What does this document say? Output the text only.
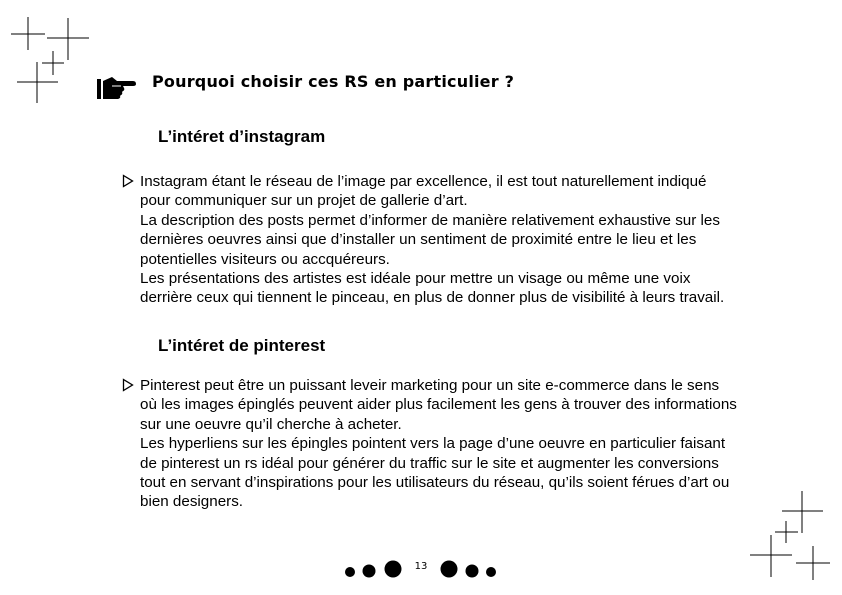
Pourquoi choisir ces RS en particulier ?
L’intéret d’instagram

Instagram étant le réseau de l’image par excellence, il est tout naturellement indiqué
pour communiquer sur un projet de gallerie d’art.
La description des posts permet d’informer de manière relativement exhaustive sur les
dernières oeuvres ainsi que d’installer un sentiment de proximité entre le lieu et les
potentielles visiteurs ou accquéreurs.
Les présentations des artistes est idéale pour mettre un visage ou même une voix
derrière ceux qui tiennent le pinceau, en plus de donner plus de visibilité à leurs travail.

L’intéret de pinterest

Pinterest peut être un puissant leveir marketing pour un site e-commerce dans le sens
où les images épinglés peuvent aider plus facilement les gens à trouver des informations
sur une oeuvre qu’il cherche à acheter.
Les hyperliens sur les épingles pointent vers la page d’une oeuvre en particulier faisant
de pinterest un rs idéal pour générer du traffic sur le site et augmenter les conversions
tout en servant d’inspirations pour les utilisateurs du réseau, qu’ils soient férues d’art ou
bien designers.

13
